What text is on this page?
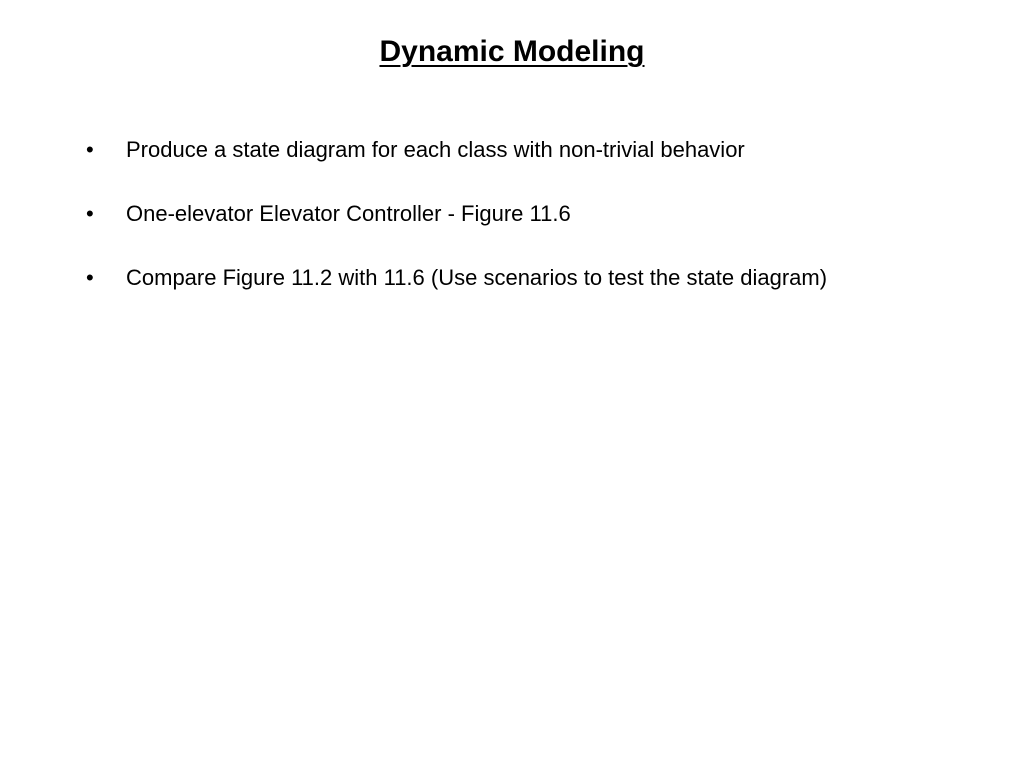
Dynamic Modeling
•	Produce a state diagram for each class with non-trivial behavior
•	One-elevator Elevator Controller - Figure 11.6
•	Compare Figure 11.2 with 11.6 (Use scenarios to test the state diagram)
